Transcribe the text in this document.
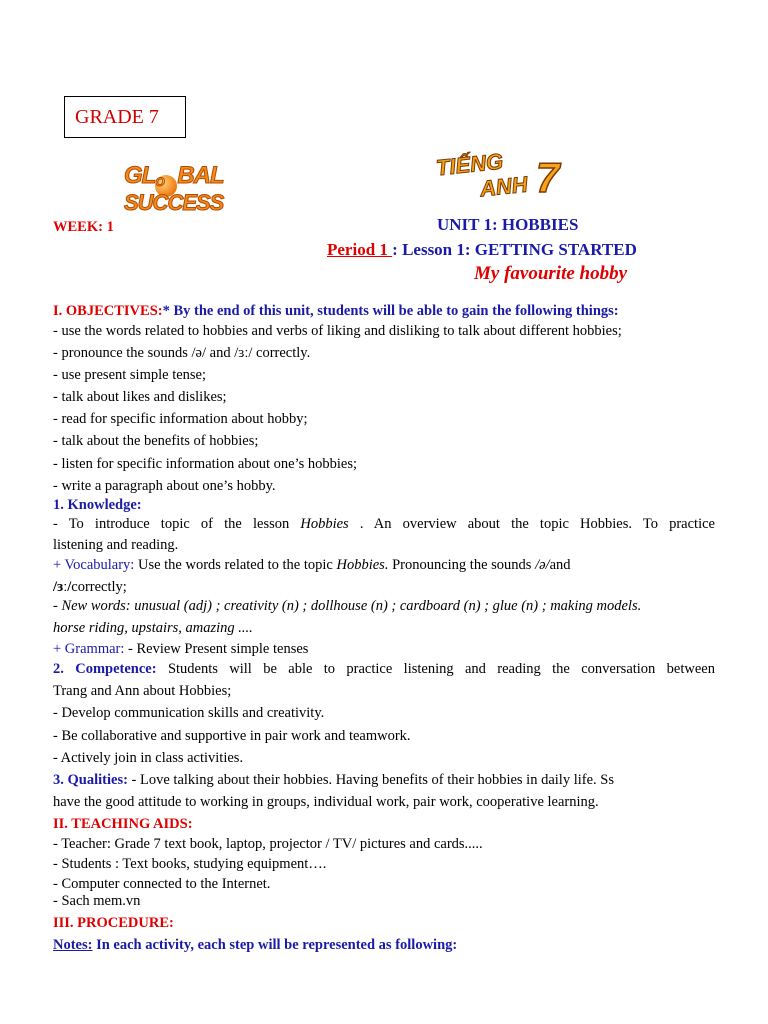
GRADE 7
GLO BAL
SUCCESS
TIẾNG
ANH 7
WEEK: 1	UNIT 1: HOBBIES
Period 1 : Lesson 1: GETTING STARTED
My favourite hobby
I. OBJECTIVES:* By the end of this unit, students will be able to gain the following things:
- use the words related to hobbies and verbs of liking and disliking to talk about different hobbies;
- pronounce the sounds /ə/ and /ɜː/ correctly.
- use present simple tense;
- talk about likes and dislikes;
- read for specific information about hobby;
- talk about the benefits of hobbies;
- listen for specific information about one’s hobbies;
- write a paragraph about one’s hobby.
1. Knowledge:
- To introduce topic of the lesson Hobbies . An overview about the topic Hobbies. To practice
listening and reading.
+ Vocabulary: Use the words related to the topic Hobbies. Pronouncing the sounds /ə/and
/ɜː/correctly;
- New words: unusual (adj) ; creativity (n) ; dollhouse (n) ; cardboard (n) ; glue (n) ; making models.
horse riding, upstairs, amazing ....
+ Grammar: - Review Present simple tenses
2. Competence: Students will be able to practice listening and reading the conversation between
Trang and Ann about Hobbies;
- Develop communication skills and creativity.
- Be collaborative and supportive in pair work and teamwork.
- Actively join in class activities.
3. Qualities: - Love talking about their hobbies. Having benefits of their hobbies in daily life. Ss
have the good attitude to working in groups, individual work, pair work, cooperative learning.
II. TEACHING AIDS:
- Teacher: Grade 7 text book, laptop, projector / TV/ pictures and cards.....
- Students : Text books, studying equipment….
- Computer connected to the Internet.
- Sach mem.vn
III. PROCEDURE:
Notes: In each activity, each step will be represented as following:
